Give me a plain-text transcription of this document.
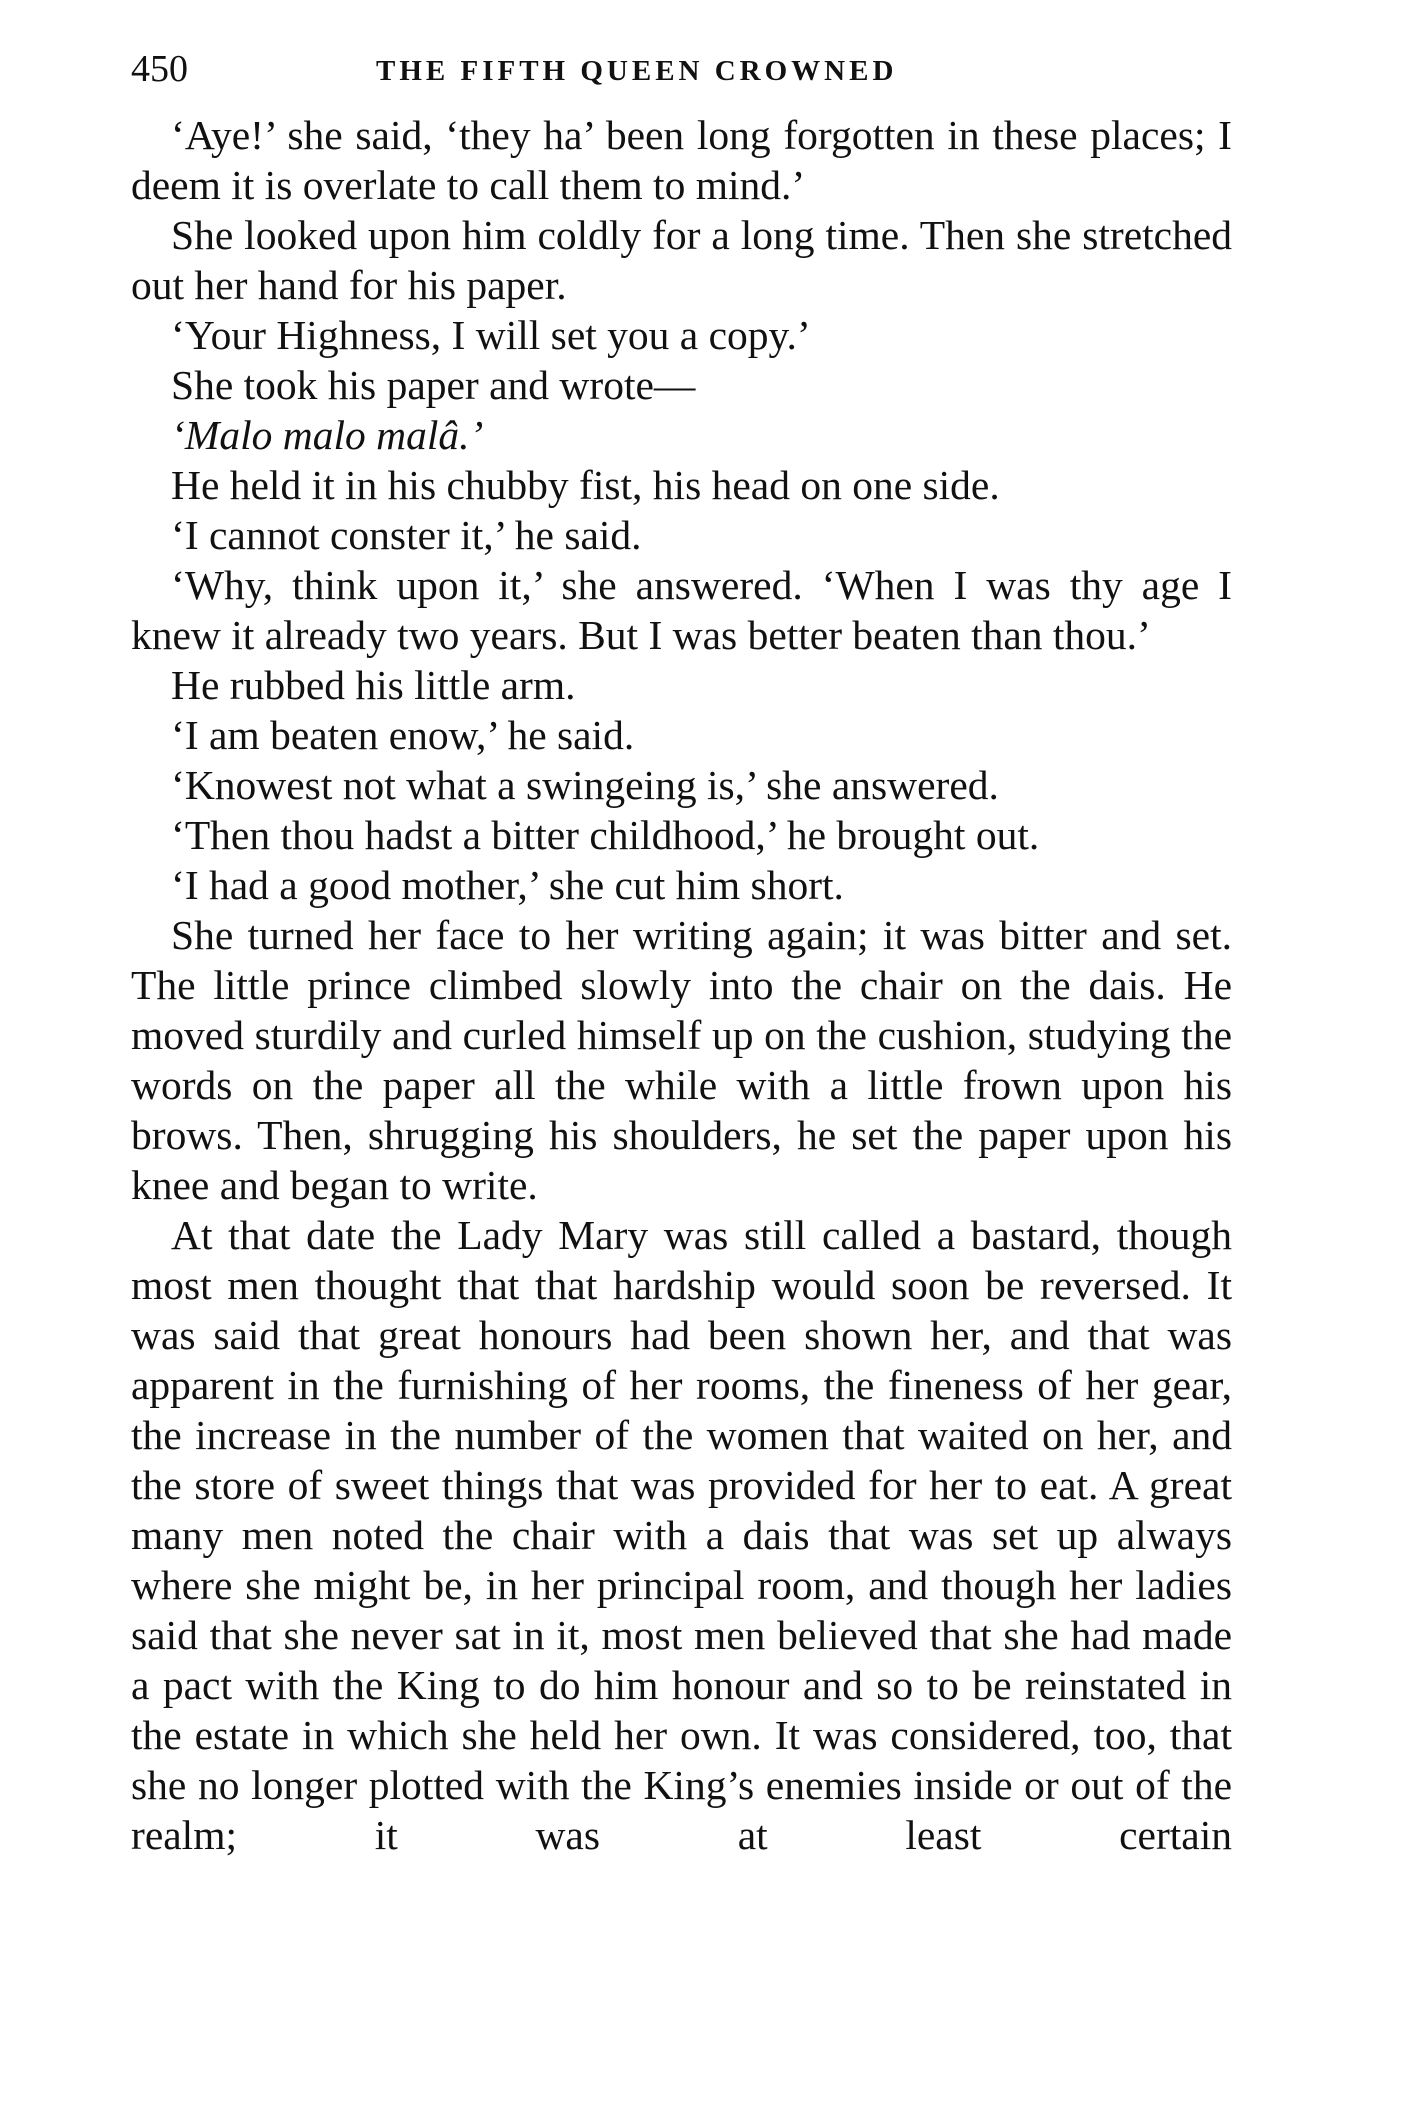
450	THE FIFTH QUEEN CROWNED

‘Aye!’ she said, ‘they ha’ been long forgotten in these places; I deem it is overlate to call them to mind.’

She looked upon him coldly for a long time. Then she stretched out her hand for his paper.

‘Your Highness, I will set you a copy.’

She took his paper and wrote—

‘Malo malo malâ.’

He held it in his chubby fist, his head on one side.

‘I cannot conster it,’ he said.

‘Why, think upon it,’ she answered. ‘When I was thy age I knew it already two years. But I was better beaten than thou.’

He rubbed his little arm.

‘I am beaten enow,’ he said.

‘Knowest not what a swingeing is,’ she answered.

‘Then thou hadst a bitter childhood,’ he brought out.

‘I had a good mother,’ she cut him short.

She turned her face to her writing again; it was bitter and set. The little prince climbed slowly into the chair on the dais. He moved sturdily and curled himself up on the cushion, studying the words on the paper all the while with a little frown upon his brows. Then, shrugging his shoulders, he set the paper upon his knee and began to write.

At that date the Lady Mary was still called a bastard, though most men thought that that hardship would soon be reversed. It was said that great honours had been shown her, and that was apparent in the furnishing of her rooms, the fineness of her gear, the increase in the number of the women that waited on her, and the store of sweet things that was provided for her to eat. A great many men noted the chair with a dais that was set up always where she might be, in her principal room, and though her ladies said that she never sat in it, most men believed that she had made a pact with the King to do him honour and so to be reinstated in the estate in which she held her own. It was considered, too, that she no longer plotted with the King’s enemies inside or out of the realm; it was at least certain
